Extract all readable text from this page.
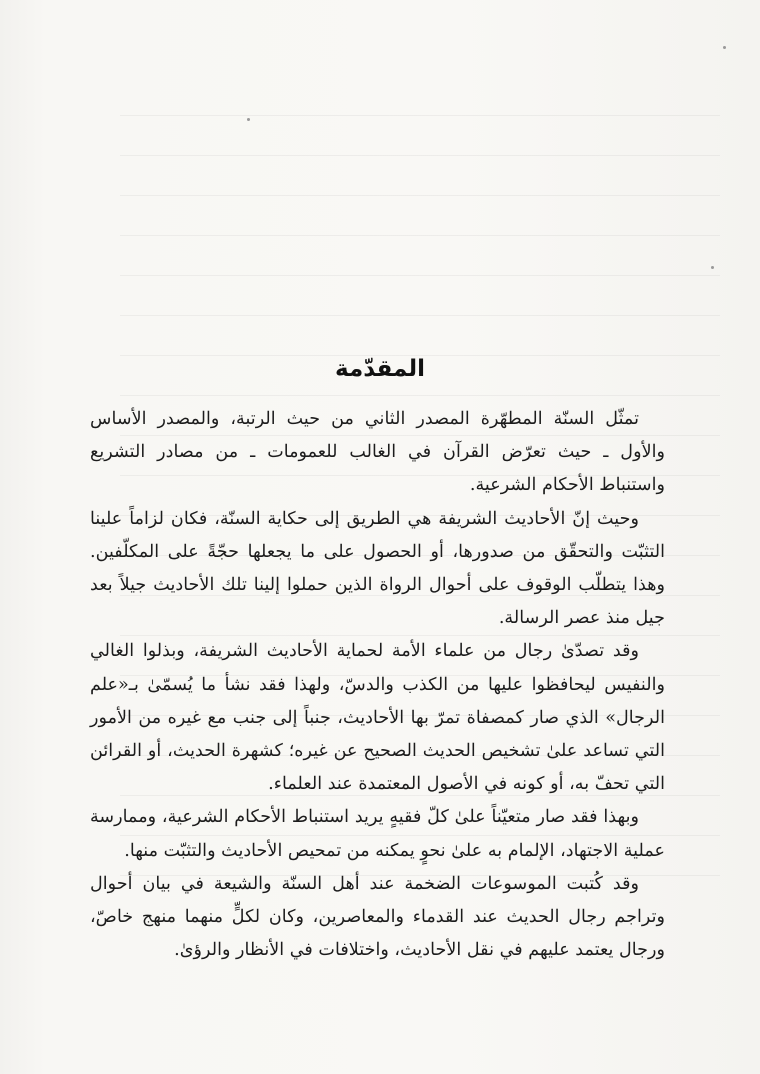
المقدّمة

تمثّل السنّة المطهّرة المصدر الثاني من حيث الرتبة، والمصدر الأساس والأول ـ حيث تعرّض القرآن في الغالب للعمومات ـ من مصادر التشريع واستنباط الأحكام الشرعية.

وحيث إنّ الأحاديث الشريفة هي الطريق إلى حكاية السنّة، فكان لزاماً علينا التثبّت والتحقّق من صدورها، أو الحصول على ما يجعلها حجّةً على المكلّفين. وهذا يتطلّب الوقوف على أحوال الرواة الذين حملوا إلينا تلك الأحاديث جيلاً بعد جيل منذ عصر الرسالة.

وقد تصدّىٰ رجال من علماء الأمة لحماية الأحاديث الشريفة، وبذلوا الغالي والنفيس ليحافظوا عليها من الكذب والدسّ، ولهذا فقد نشأ ما يُسمّىٰ بـ«علم الرجال» الذي صار كمصفاة تمرّ بها الأحاديث، جنباً إلى جنب مع غيره من الأمور التي تساعد علىٰ تشخيص الحديث الصحيح عن غيره؛ كشهرة الحديث، أو القرائن التي تحفّ به، أو كونه في الأصول المعتمدة عند العلماء.

وبهذا فقد صار متعيّناً علىٰ كلّ فقيهٍ يريد استنباط الأحكام الشرعية، وممارسة عملية الاجتهاد، الإلمام به علىٰ نحوٍ يمكنه من تمحيص الأحاديث والتثبّت منها.

وقد كُتبت الموسوعات الضخمة عند أهل السنّة والشيعة في بيان أحوال وتراجم رجال الحديث عند القدماء والمعاصرين، وكان لكلٍّ منهما منهج خاصّ، ورجال يعتمد عليهم في نقل الأحاديث، واختلافات في الأنظار والرؤىٰ.
